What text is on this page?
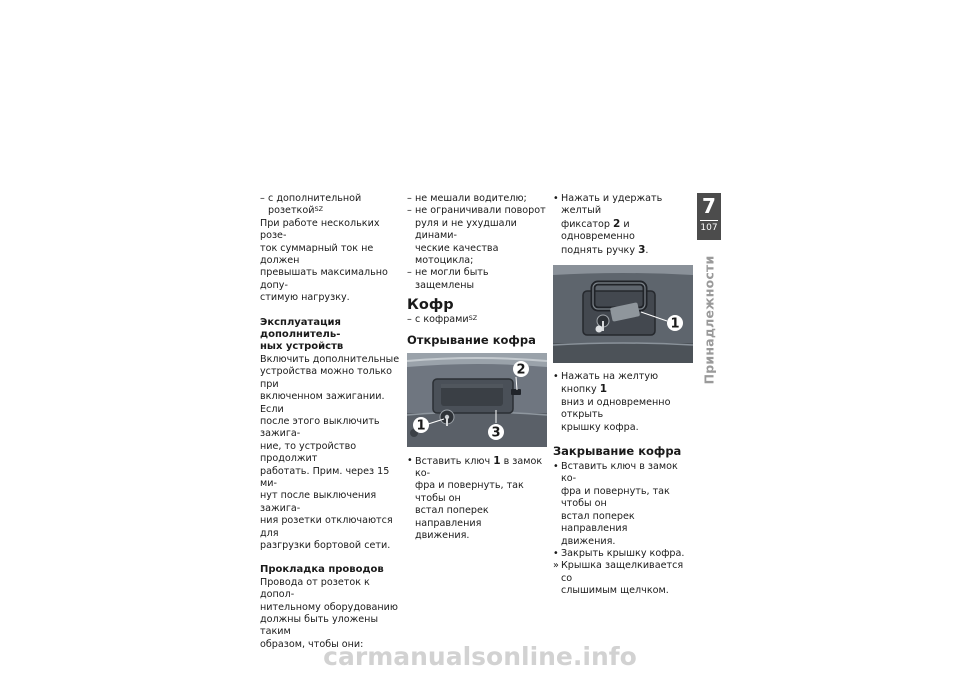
– с дополнительной розеткой$^{SZ}$

При работе нескольких розе-
ток суммарный ток не должен
превышать максимально допу-
стимую нагрузку.

Эксплуатация дополнитель-
ных устройств

Включить дополнительные
устройства можно только при
включенном зажигании. Если
после этого выключить зажига-
ние, то устройство продолжит
работать. Прим. через 15 ми-
нут после выключения зажига-
ния розетки отключаются для
разгрузки бортовой сети.

Прокладка проводов

Провода от розеток к допол-
нительному оборудованию
должны быть уложены таким
образом, чтобы они:

– не мешали водителю;

– не ограничивали поворот
руля и не ухудшали динами-
ческие качества мотоцикла;

– не могли быть защемлены

Кофр

– с кофрами$^{SZ}$

Открывание кофра
1
2
3

• Вставить ключ 1 в замок ко-
фра и повернуть, так чтобы он
встал поперек направления
движения.

• Нажать и удержать желтый
фиксатор 2 и одновременно
поднять ручку 3.

1

• Нажать на желтую кнопку 1
вниз и одновременно открыть
крышку кофра.

Закрывание кофра

• Вставить ключ в замок ко-
фра и повернуть, так чтобы он
встал поперек направления
движения.

• Закрыть крышку кофра.

» Крышка защелкивается со
слышимым щелчком.

7
107
Принадлежности
carmanualsonline.info
